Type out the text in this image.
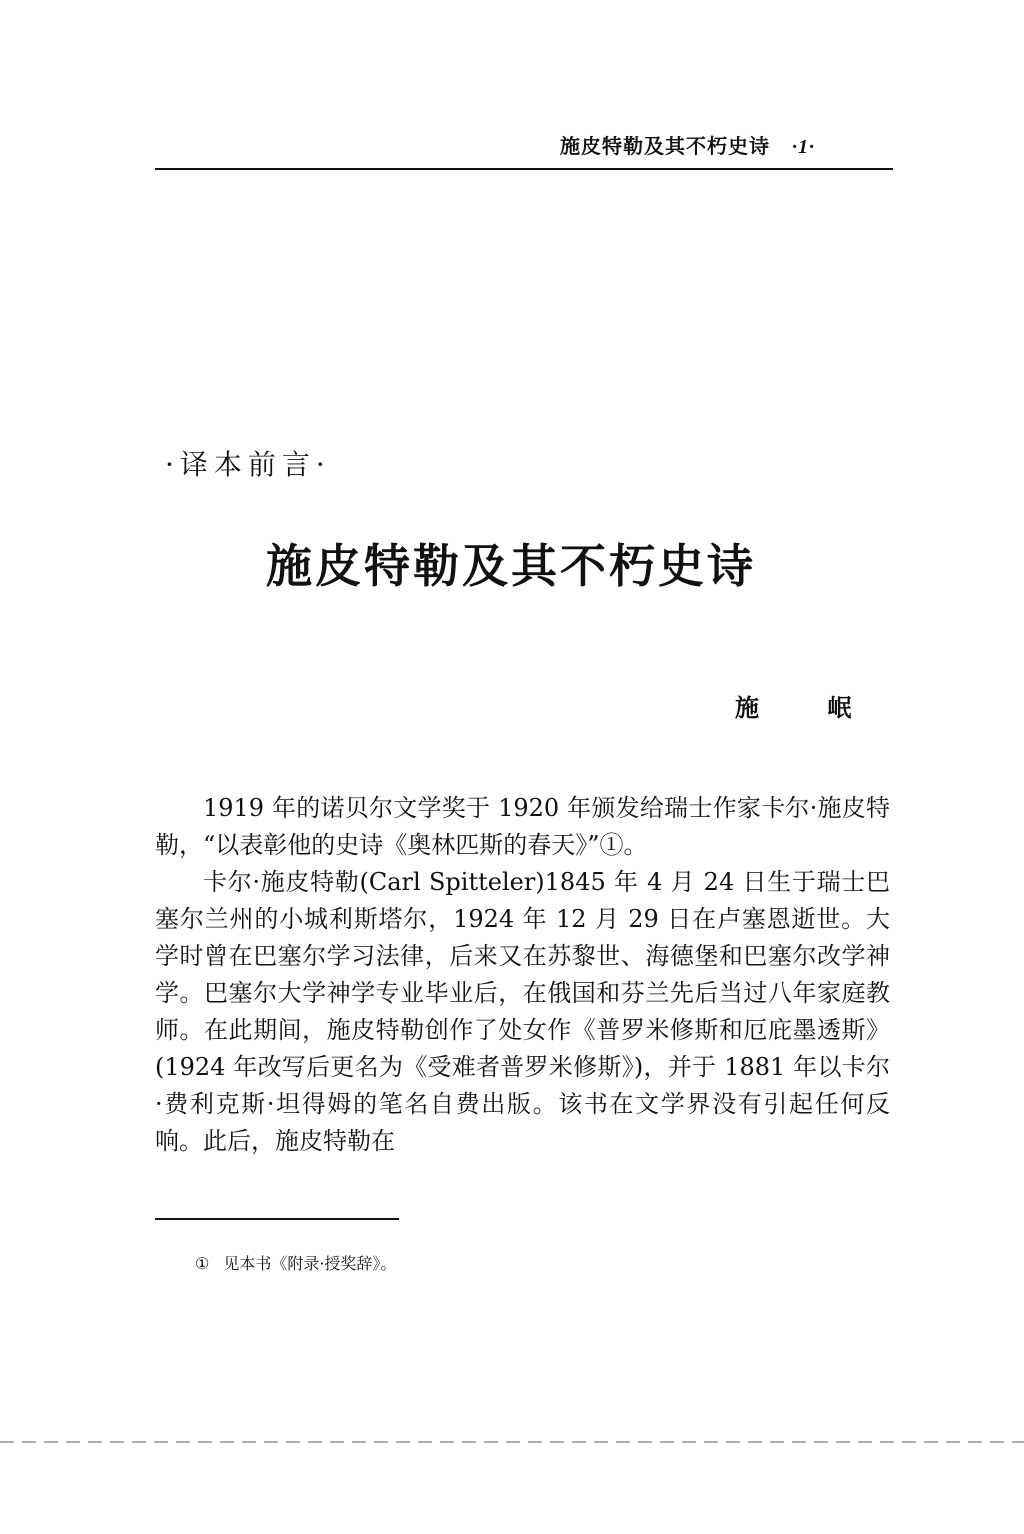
施皮特勒及其不朽史诗 ·1·
·译本前言·
施皮特勒及其不朽史诗
施 岷

1919 年的诺贝尔文学奖于 1920 年颁发给瑞士作家卡尔·施皮特勒，“以表彰他的史诗《奥林匹斯的春天》”①。

卡尔·施皮特勒(Carl Spitteler)1845 年 4 月 24 日生于瑞士巴塞尔兰州的小城利斯塔尔，1924 年 12 月 29 日在卢塞恩逝世。大学时曾在巴塞尔学习法律，后来又在苏黎世、海德堡和巴塞尔改学神学。巴塞尔大学神学专业毕业后，在俄国和芬兰先后当过八年家庭教师。在此期间，施皮特勒创作了处女作《普罗米修斯和厄庇墨透斯》(1924 年改写后更名为《受难者普罗米修斯》)，并于 1881 年以卡尔·费利克斯·坦得姆的笔名自费出版。该书在文学界没有引起任何反响。此后，施皮特勒在

① 见本书《附录·授奖辞》。
